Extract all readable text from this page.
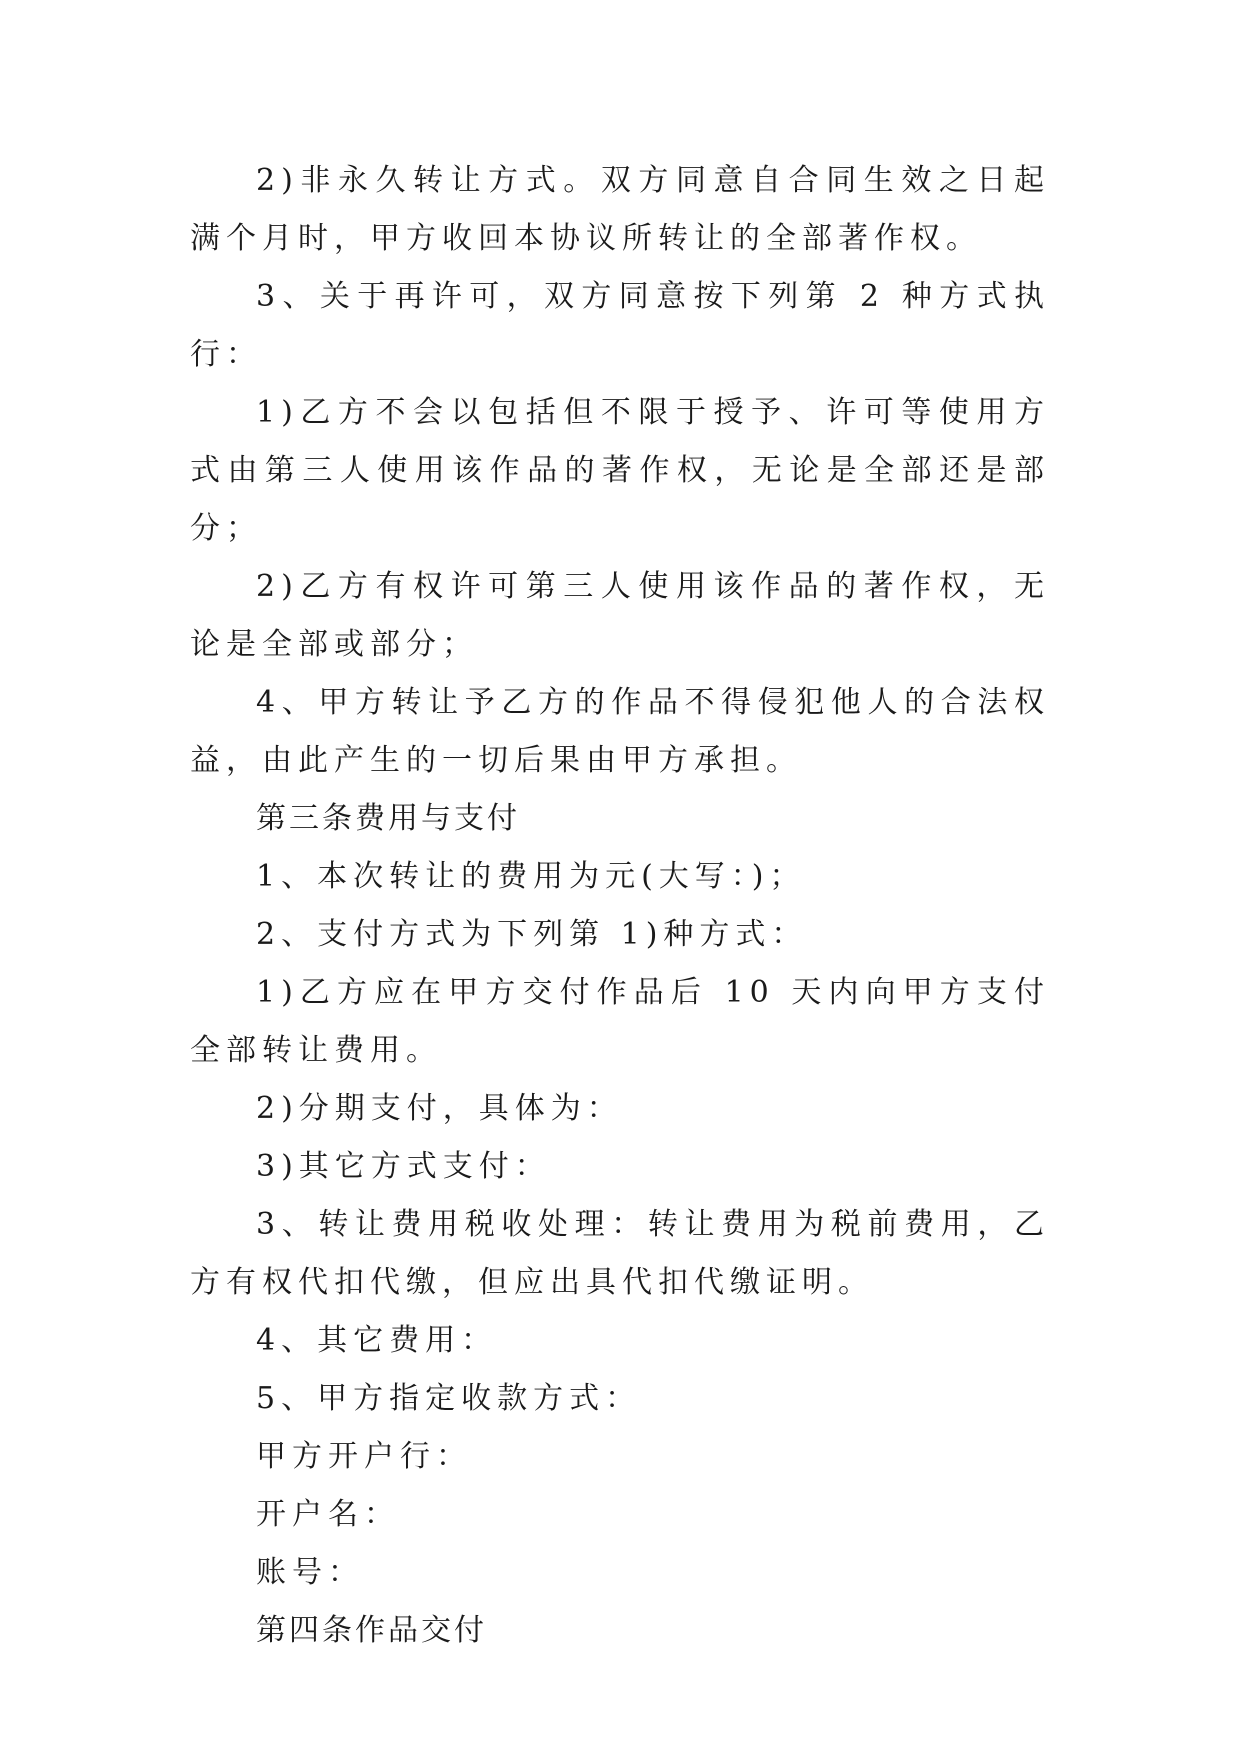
2)非永久转让方式。双方同意自合同生效之日起满个月时，甲方收回本协议所转让的全部著作权。

3、关于再许可，双方同意按下列第 2 种方式执行：

1)乙方不会以包括但不限于授予、许可等使用方式由第三人使用该作品的著作权，无论是全部还是部分；

2)乙方有权许可第三人使用该作品的著作权，无论是全部或部分；

4、甲方转让予乙方的作品不得侵犯他人的合法权益，由此产生的一切后果由甲方承担。

第三条费用与支付

1、本次转让的费用为元(大写：)；

2、支付方式为下列第 1)种方式：

1)乙方应在甲方交付作品后 10 天内向甲方支付全部转让费用。

2)分期支付，具体为：

3)其它方式支付：

3、转让费用税收处理：转让费用为税前费用，乙方有权代扣代缴，但应出具代扣代缴证明。

4、其它费用：

5、甲方指定收款方式：

甲方开户行：

开户名：

账号：

第四条作品交付
